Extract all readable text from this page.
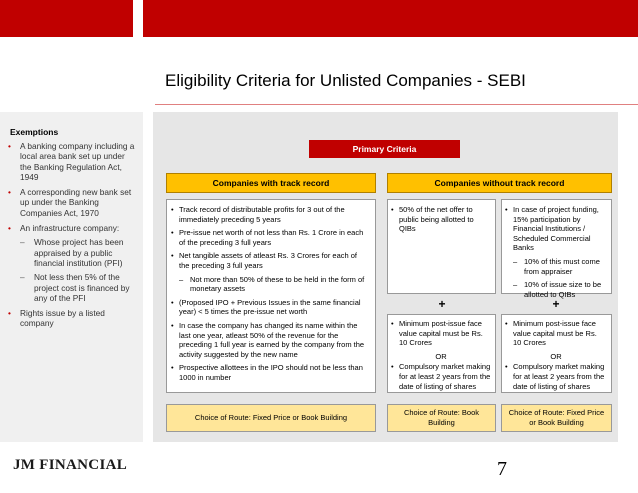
Eligibility Criteria for Unlisted Companies - SEBI
Exemptions
• A banking company including a local area bank set up under the Banking Regulation Act, 1949
• A corresponding new bank set up under the Banking Companies Act, 1970
• An infrastructure company:
– Whose project has been appraised by a public financial institution (PFI)
– Not less then 5% of the project cost is financed by any of the PFI
• Rights issue by a listed company
Primary Criteria
Companies with track record	Companies without track record
• Track record of distributable profits for 3 out of the immediately preceding 5 years
• Pre-issue net worth of not less than Rs. 1 Crore in each of the preceding 3 full years
• Net tangible assets of atleast Rs. 3 Crores for each of the preceding 3 full years
– Not more than 50% of these to be held in the form of monetary assets
• (Proposed IPO + Previous Issues in the same financial year) < 5 times the pre-issue net worth
• In case the company has changed its name within the last one year, atleast 50% of the revenue for the preceding 1 full year is earned by the company from the activity suggested by the new name
• Prospective allottees in the IPO should not be less than 1000 in number
• 50% of the net offer to public being allotted to QIBs
• In case of project funding, 15% participation by Financial Institutions / Scheduled Commercial Banks
– 10% of this must come from appraiser
– 10% of issue size to be allotted to QIBs
+	+
• Minimum post-issue face value capital must be Rs. 10 Crores
OR
• Compulsory market making for at least 2 years from the date of listing of shares
• Minimum post-issue face value capital must be Rs. 10 Crores
OR
• Compulsory market making for at least 2 years from the date of listing of shares
Choice of Route: Fixed Price or Book Building
Choice of Route: Book Building
Choice of Route: Fixed Price or Book Building
JM FINANCIAL	7
